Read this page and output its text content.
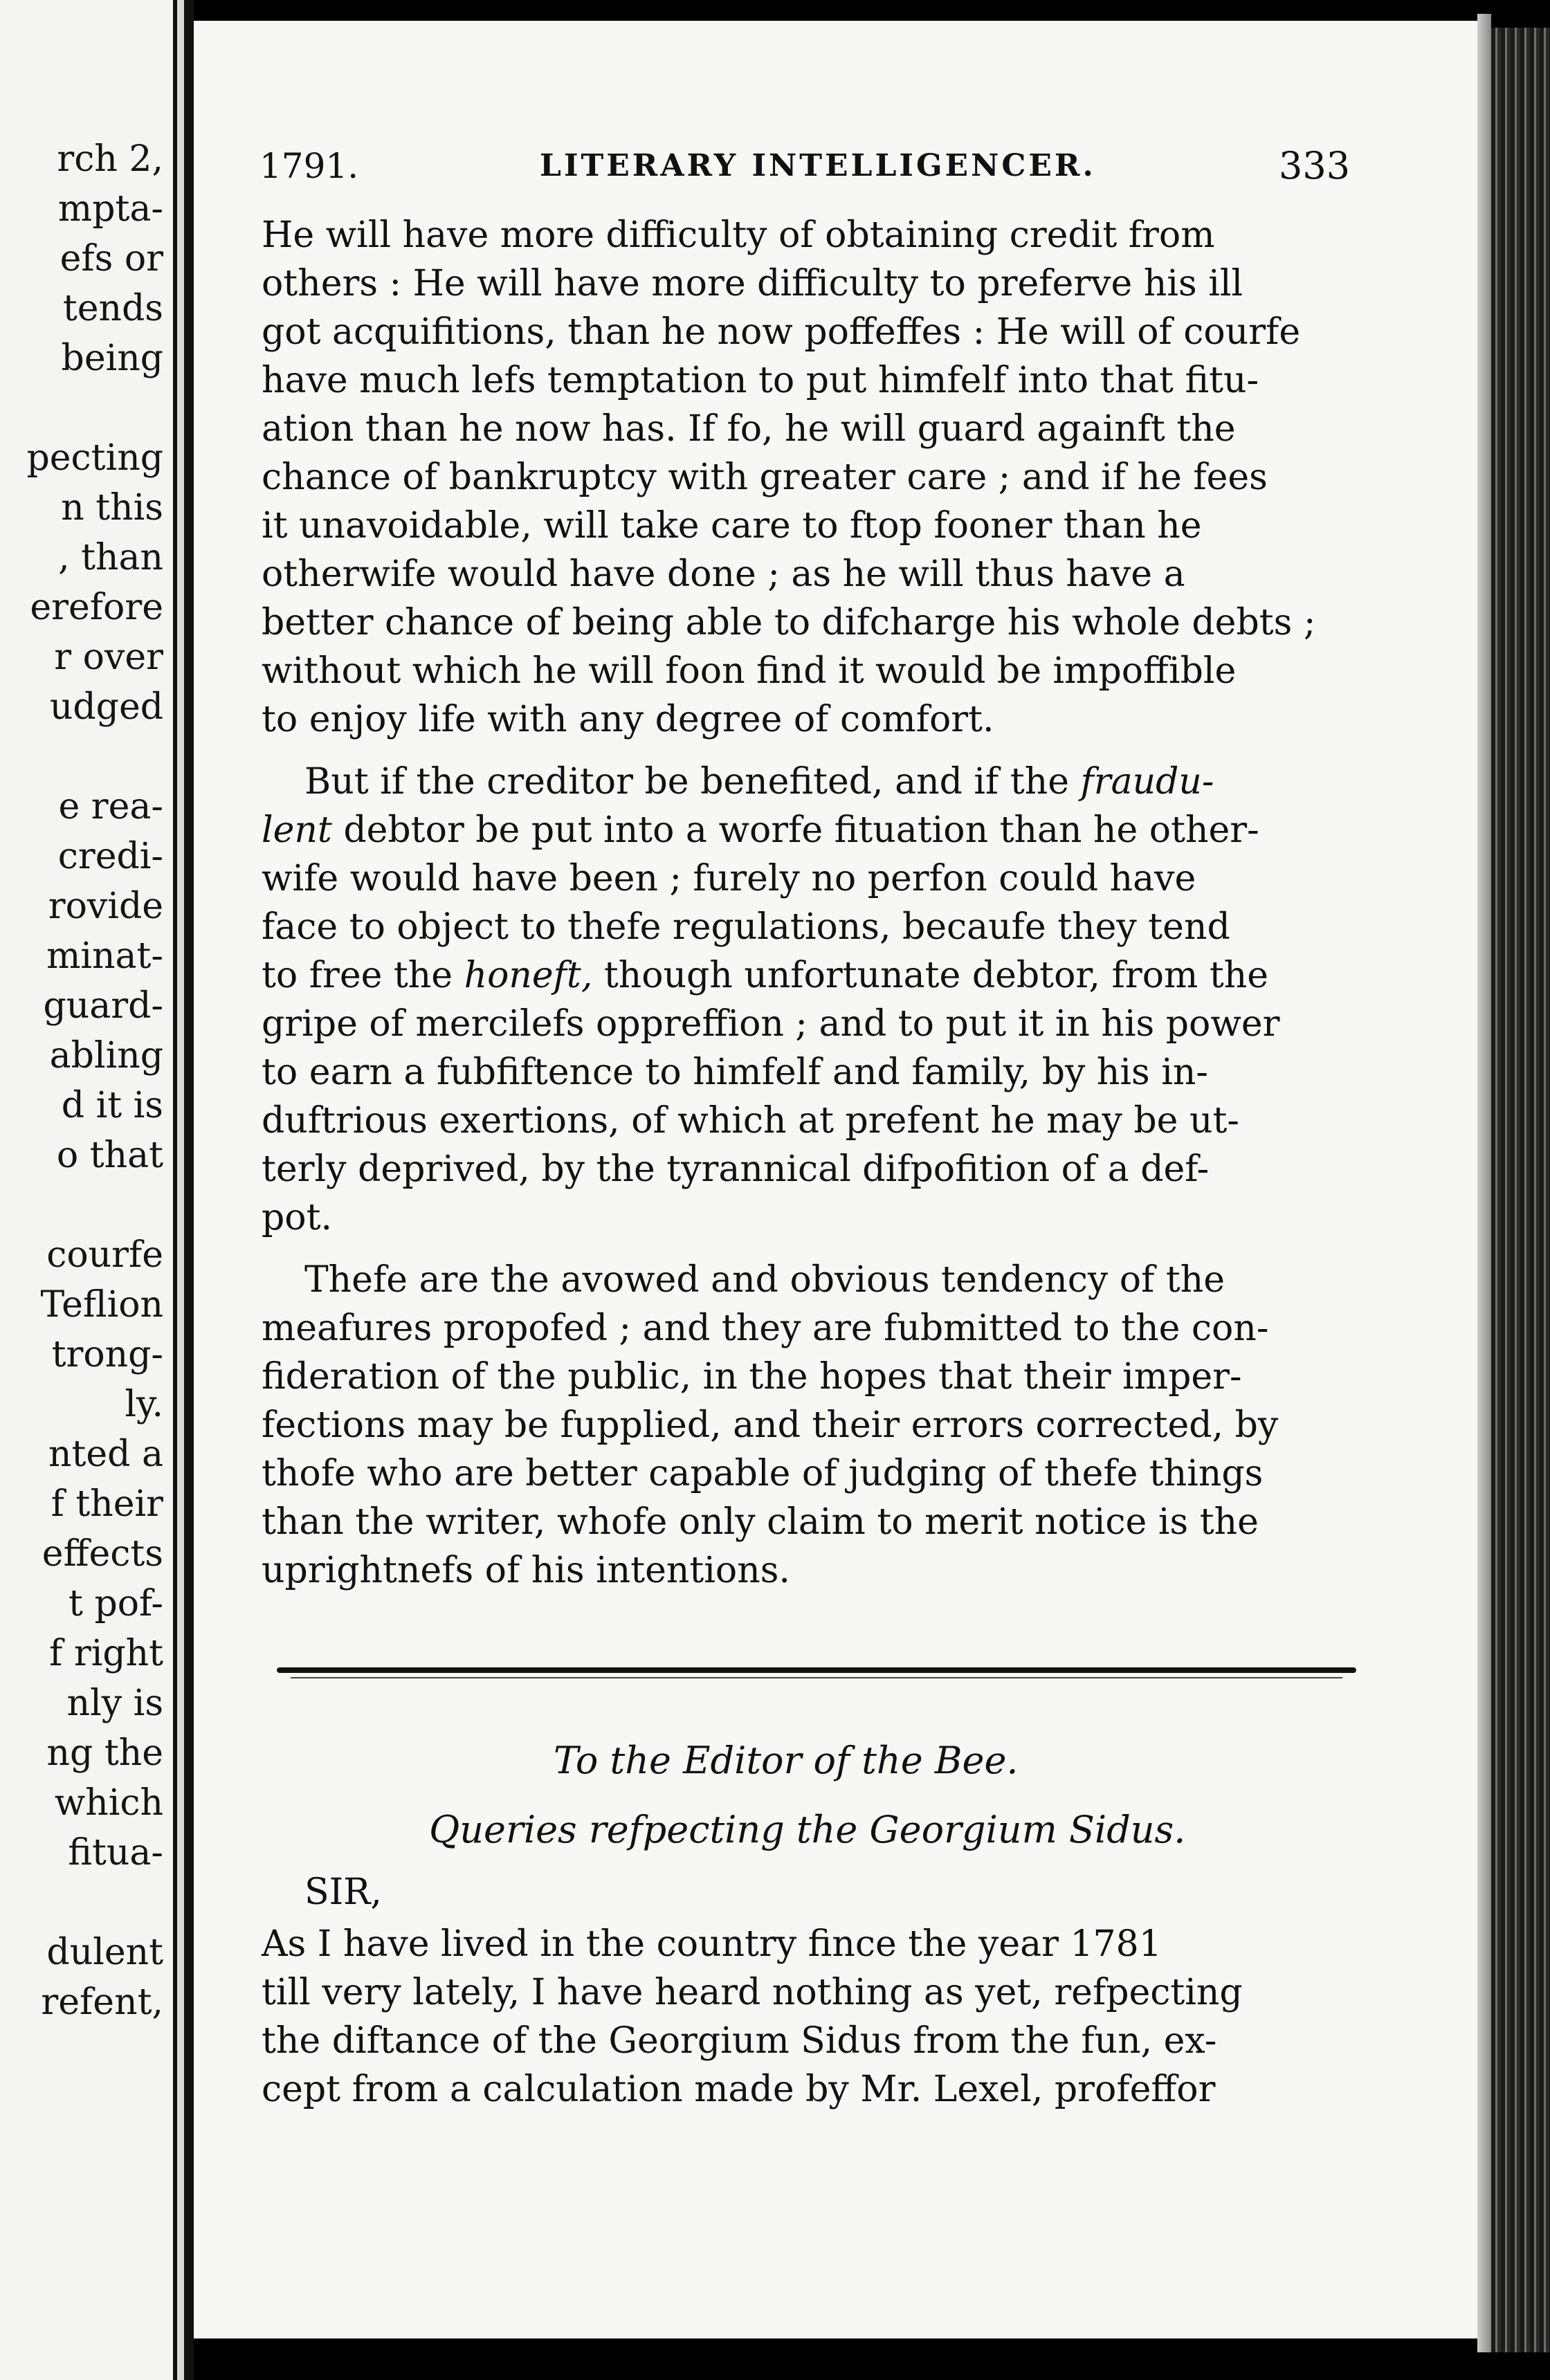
rch 2,
mpta-
efs or
tends
being
pecting
n this
, than
erefore
r over
udged
e rea-
credi-
rovide
minat-
guard-
abling
d it is
o that
courfe
Teflion
trong-
ly.
nted a
f their
effects
t pof-
f right
nly is
ng the
which
fitua-
dulent
refent,
1791.	LITERARY INTELLIGENCER.	333
He will have more difficulty of obtaining credit from
others : He will have more difficulty to preferve his ill
got acquifitions, than he now poffeffes : He will of courfe
have much lefs temptation to put himfelf into that fitu-
ation than he now has. If fo, he will guard againft the
chance of bankruptcy with greater care ; and if he fees
it unavoidable, will take care to ftop fooner than he
otherwife would have done ; as he will thus have a
better chance of being able to difcharge his whole debts ;
without which he will foon find it would be impoffible
to enjoy life with any degree of comfort.
But if the creditor be benefited, and if the fraudu-
lent debtor be put into a worfe fituation than he other-
wife would have been ; furely no perfon could have
face to object to thefe regulations, becaufe they tend
to free the honeft, though unfortunate debtor, from the
gripe of mercilefs oppreffion ; and to put it in his power
to earn a fubfiftence to himfelf and family, by his in-
duftrious exertions, of which at prefent he may be ut-
terly deprived, by the tyrannical difpofition of a def-
pot.
Thefe are the avowed and obvious tendency of the
meafures propofed ; and they are fubmitted to the con-
fideration of the public, in the hopes that their imper-
fections may be fupplied, and their errors corrected, by
thofe who are better capable of judging of thefe things
than the writer, whofe only claim to merit notice is the
uprightnefs of his intentions.
To the Editor of the Bee.
Queries refpecting the Georgium Sidus.
SIR,
As I have lived in the country fince the year 1781
till very lately, I have heard nothing as yet, refpecting
the diftance of the Georgium Sidus from the fun, ex-
cept from a calculation made by Mr. Lexel, profeffor
